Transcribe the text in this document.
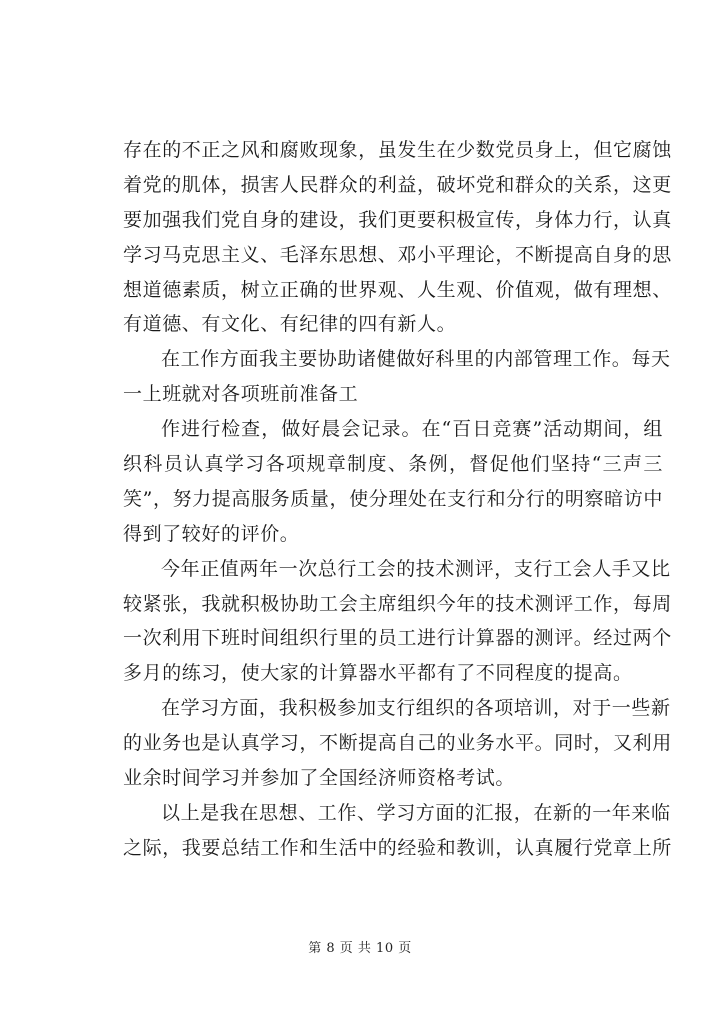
存在的不正之风和腐败现象，虽发生在少数党员身上，但它腐蚀
着党的肌体，损害人民群众的利益，破坏党和群众的关系，这更
要加强我们党自身的建设，我们更要积极宣传，身体力行，认真
学习马克思主义、毛泽东思想、邓小平理论，不断提高自身的思
想道德素质，树立正确的世界观、人生观、价值观，做有理想、
有道德、有文化、有纪律的四有新人。
在工作方面我主要协助诸健做好科里的内部管理工作。每天
一上班就对各项班前准备工
作进行检查，做好晨会记录。在“百日竞赛”活动期间，组
织科员认真学习各项规章制度、条例，督促他们坚持“三声三
笑”，努力提高服务质量，使分理处在支行和分行的明察暗访中
得到了较好的评价。
今年正值两年一次总行工会的技术测评，支行工会人手又比
较紧张，我就积极协助工会主席组织今年的技术测评工作，每周
一次利用下班时间组织行里的员工进行计算器的测评。经过两个
多月的练习，使大家的计算器水平都有了不同程度的提高。
在学习方面，我积极参加支行组织的各项培训，对于一些新
的业务也是认真学习，不断提高自己的业务水平。同时，又利用
业余时间学习并参加了全国经济师资格考试。
以上是我在思想、工作、学习方面的汇报，在新的一年来临
之际，我要总结工作和生活中的经验和教训，认真履行党章上所
第 8 页 共 10 页
